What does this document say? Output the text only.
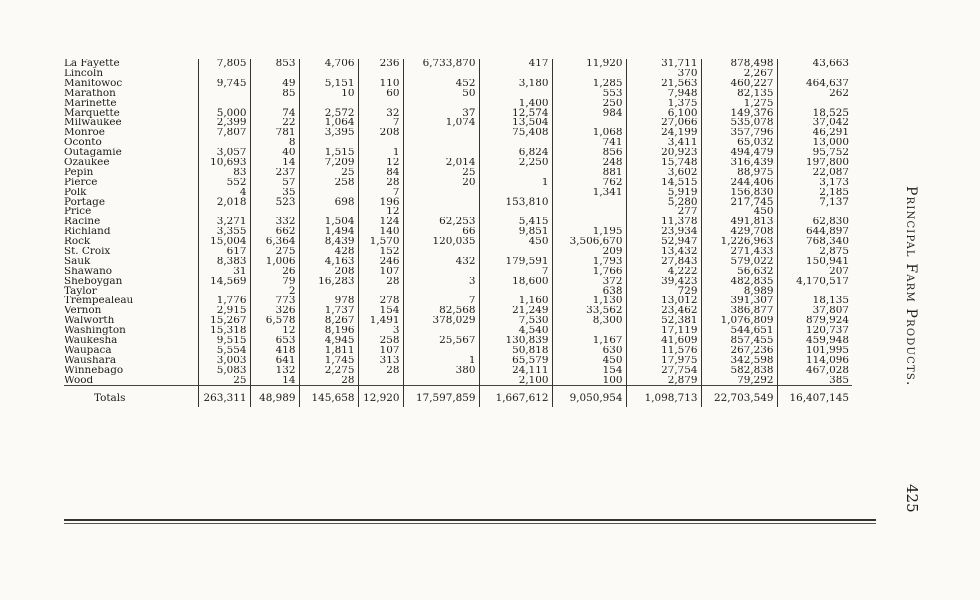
La Fayette	7,805	853	4,706	236	6,733,870	417	11,920	31,711	878,498	43,663
Lincoln								370	2,267	
Manitowoc	9,745	49	5,151	110	452	3,180	1,285	21,563	460,227	464,637
Marathon		85	10	60	50		553	7,948	82,135	262
Marinette						1,400	250	1,375	1,275	
Marquette	5,000	74	2,572	32	37	12,574	984	6,100	149,376	18,525
Milwaukee	2,399	22	1,064	7	1,074	13,504		27,066	535,078	37,042
Monroe	7,807	781	3,395	208		75,408	1,068	24,199	357,796	46,291
Oconto		8					741	3,411	65,032	13,000
Outagamie	3,057	40	1,515	1		6,824	856	20,923	494,479	95,752
Ozaukee	10,693	14	7,209	12	2,014	2,250	248	15,748	316,439	197,800
Pepin	83	237	25	84	25		881	3,602	88,975	22,087
Pierce	552	57	258	28	20	1	762	14,515	244,406	3,173
Polk	4	35		7			1,341	5,919	156,830	2,185
Portage	2,018	523	698	196		153,810		5,280	217,745	7,137
Price				12				277	450	
Racine	3,271	332	1,504	124	62,253	5,415		11,378	491,813	62,830
Richland	3,355	662	1,494	140	66	9,851	1,195	23,934	429,708	644,897
Rock	15,004	6,364	8,439	1,570	120,035	450	3,506,670	52,947	1,226,963	768,340
St. Croix	617	275	428	152			209	13,432	271,433	2,875
Sauk	8,383	1,006	4,163	246	432	179,591	1,793	27,843	579,022	150,941
Shawano	31	26	208	107		7	1,766	4,222	56,632	207
Sheboygan	14,569	79	16,283	28	3	18,600	372	39,423	482,835	4,170,517
Taylor		2					638	729	8,989	
Trempealeau	1,776	773	978	278	7	1,160	1,130	13,012	391,307	18,135
Vernon	2,915	326	1,737	154	82,568	21,249	33,562	23,462	386,877	37,807
Walworth	15,267	6,578	8,267	1,491	378,029	7,530	8,300	52,381	1,076,809	879,924
Washington	15,318	12	8,196	3		4,540		17,119	544,651	120,737
Waukesha	9,515	653	4,945	258	25,567	130,839	1,167	41,609	857,455	459,948
Waupaca	5,554	418	1,811	107		50,818	630	11,576	267,236	101,995
Waushara	3,003	641	1,745	313	1	65,579	450	17,975	342,598	114,096
Winnebago	5,083	132	2,275	28	380	24,111	154	27,754	582,838	467,028
Wood	25	14	28			2,100	100	2,879	79,292	385
Totals	263,311	48,989	145,658	12,920	17,597,859	1,667,612	9,050,954	1,098,713	22,703,549	16,407,145
Principal Farm Products.
425
